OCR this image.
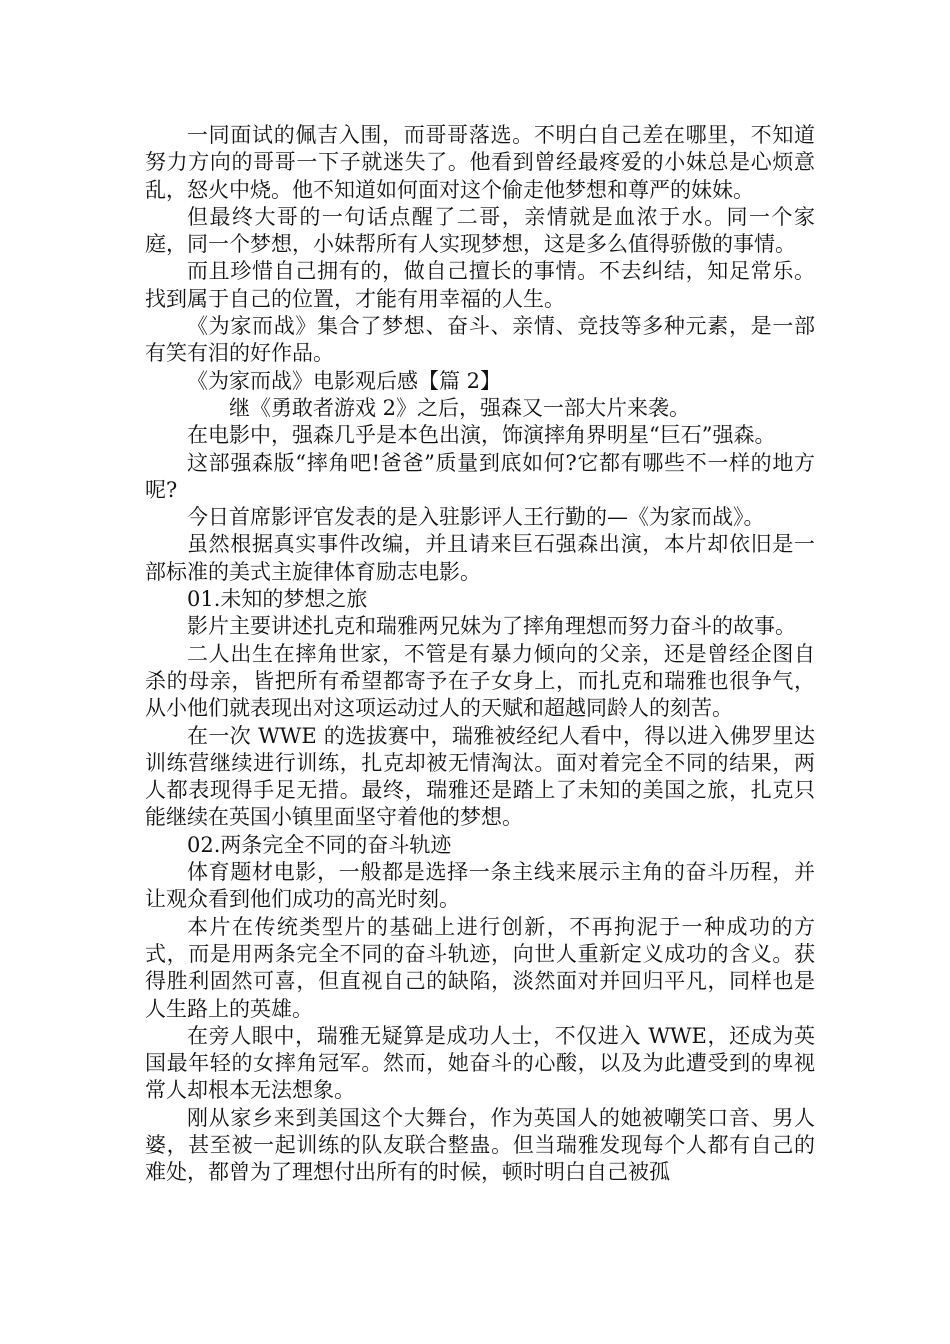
一同面试的佩吉入围，而哥哥落选。不明白自己差在哪里，不知道努力方向的哥哥一下子就迷失了。他看到曾经最疼爱的小妹总是心烦意乱，怒火中烧。他不知道如何面对这个偷走他梦想和尊严的妹妹。

但最终大哥的一句话点醒了二哥，亲情就是血浓于水。同一个家庭，同一个梦想，小妹帮所有人实现梦想，这是多么值得骄傲的事情。

而且珍惜自己拥有的，做自己擅长的事情。不去纠结，知足常乐。找到属于自己的位置，才能有用幸福的人生。

《为家而战》集合了梦想、奋斗、亲情、竞技等多种元素，是一部有笑有泪的好作品。

《为家而战》电影观后感【篇 2】

继《勇敢者游戏 2》之后，强森又一部大片来袭。

在电影中，强森几乎是本色出演，饰演摔角界明星“巨石”强森。

这部强森版“摔角吧!爸爸”质量到底如何?它都有哪些不一样的地方呢?

今日首席影评官发表的是入驻影评人王行勤的—《为家而战》。

虽然根据真实事件改编，并且请来巨石强森出演，本片却依旧是一部标准的美式主旋律体育励志电影。

01.未知的梦想之旅

影片主要讲述扎克和瑞雅两兄妹为了摔角理想而努力奋斗的故事。

二人出生在摔角世家，不管是有暴力倾向的父亲，还是曾经企图自杀的母亲，皆把所有希望都寄予在子女身上，而扎克和瑞雅也很争气，从小他们就表现出对这项运动过人的天赋和超越同龄人的刻苦。

在一次 WWE 的选拔赛中，瑞雅被经纪人看中，得以进入佛罗里达训练营继续进行训练，扎克却被无情淘汰。面对着完全不同的结果，两人都表现得手足无措。最终，瑞雅还是踏上了未知的美国之旅，扎克只能继续在英国小镇里面坚守着他的梦想。

02.两条完全不同的奋斗轨迹

体育题材电影，一般都是选择一条主线来展示主角的奋斗历程，并让观众看到他们成功的高光时刻。

本片在传统类型片的基础上进行创新，不再拘泥于一种成功的方式，而是用两条完全不同的奋斗轨迹，向世人重新定义成功的含义。获得胜利固然可喜，但直视自己的缺陷，淡然面对并回归平凡，同样也是人生路上的英雄。

在旁人眼中，瑞雅无疑算是成功人士，不仅进入 WWE，还成为英国最年轻的女摔角冠军。然而，她奋斗的心酸，以及为此遭受到的卑视常人却根本无法想象。

刚从家乡来到美国这个大舞台，作为英国人的她被嘲笑口音、男人婆，甚至被一起训练的队友联合整蛊。但当瑞雅发现每个人都有自己的难处，都曾为了理想付出所有的时候，顿时明白自己被孤
